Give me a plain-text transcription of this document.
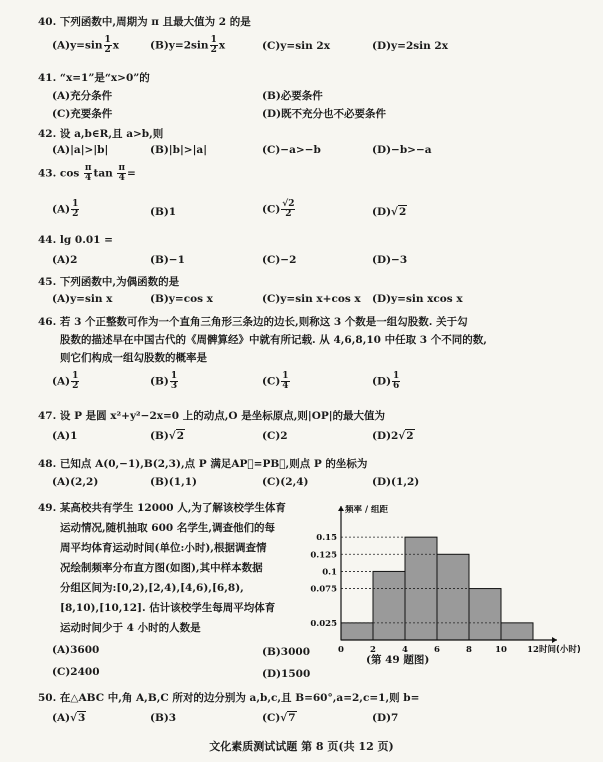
40. 下列函数中,周期为 π 且最大值为 2 的是
$(A)y=\sin \frac{1}{2}$ x	$(B)y=2\sin \frac{1}{2}$ x	(C)y=sin 2x	(D)y=2sin 2x
41. “x=1”是“x>0”的
(A)充分条件	(B)必要条件
(C)充要条件	(D)既不充分也不必要条件
42. 设 a,b∈R,且 a>b,则
(A)|a|>|b|	(B)|b|>|a|	(C)−a>−b	(D)−b>−a
43. $\cos \frac{\pi}{4}$ $\tan \frac{\pi}{4}$ =
$(A) \frac{1}{2}$	(B)1	$(C) \frac{√2}{2}$	(D)√2
44. lg 0.01 =
(A)2	(B)−1	(C)−2	(D)−3
45. 下列函数中,为偶函数的是
(A)y=sin x	(B)y=cos x	(C)y=sin x+cos x (D)y=sin xcos x
46. 若 3 个正整数可作为一个直角三角形三条边的边长,则称这 3 个数是一组勾股数. 关于勾
股数的描述早在中国古代的《周髀算经》中就有所记载. 从 4,6,8,10 中任取 3 个不同的数,
则它们构成一组勾股数的概率是
$(A) \frac{1}{2}$	$(B) \frac{1}{3}$	$(C) \frac{1}{4}$	$(D) \frac{1}{6}$
47. 设 P 是圆 x²+y²−2x=0 上的动点,O 是坐标原点,则|OP|的最大值为
(A)1	(B)√2	(C)2	(D)2√2
48. 已知点 A(0,−1),B(2,3),点 P 满足AP⃗=PB⃗,则点 P 的坐标为
(A)(2,2)	(B)(1,1)	(C)(2,4)	(D)(1,2)
49. 某高校共有学生 12000 人,为了解该校学生体育
运动情况,随机抽取 600 名学生,调查他们的每
周平均体育运动时间(单位:小时),根据调查情
况绘制频率分布直方图(如图),其中样本数据
分组区间为:[0,2),[2,4),[4,6),[6,8),
[8,10),[10,12]. 估计该校学生每周平均体育
运动时间少于 4 小时的人数是
(A)3600	(B)3000
(C)2400	(D)1500
0.025
0.075
0.1
0.125
0.15
0	2	4	6	8	10 12
频率 / 组距
时间(小时)
(第 49 题图)
50. 在△ABC 中,角 A,B,C 所对的边分别为 a,b,c,且 B=60°,a=2,c=1,则 b=
(A)√3	(B)3	(C)√7	(D)7
文化素质测试试题 第 8 页(共 12 页)
